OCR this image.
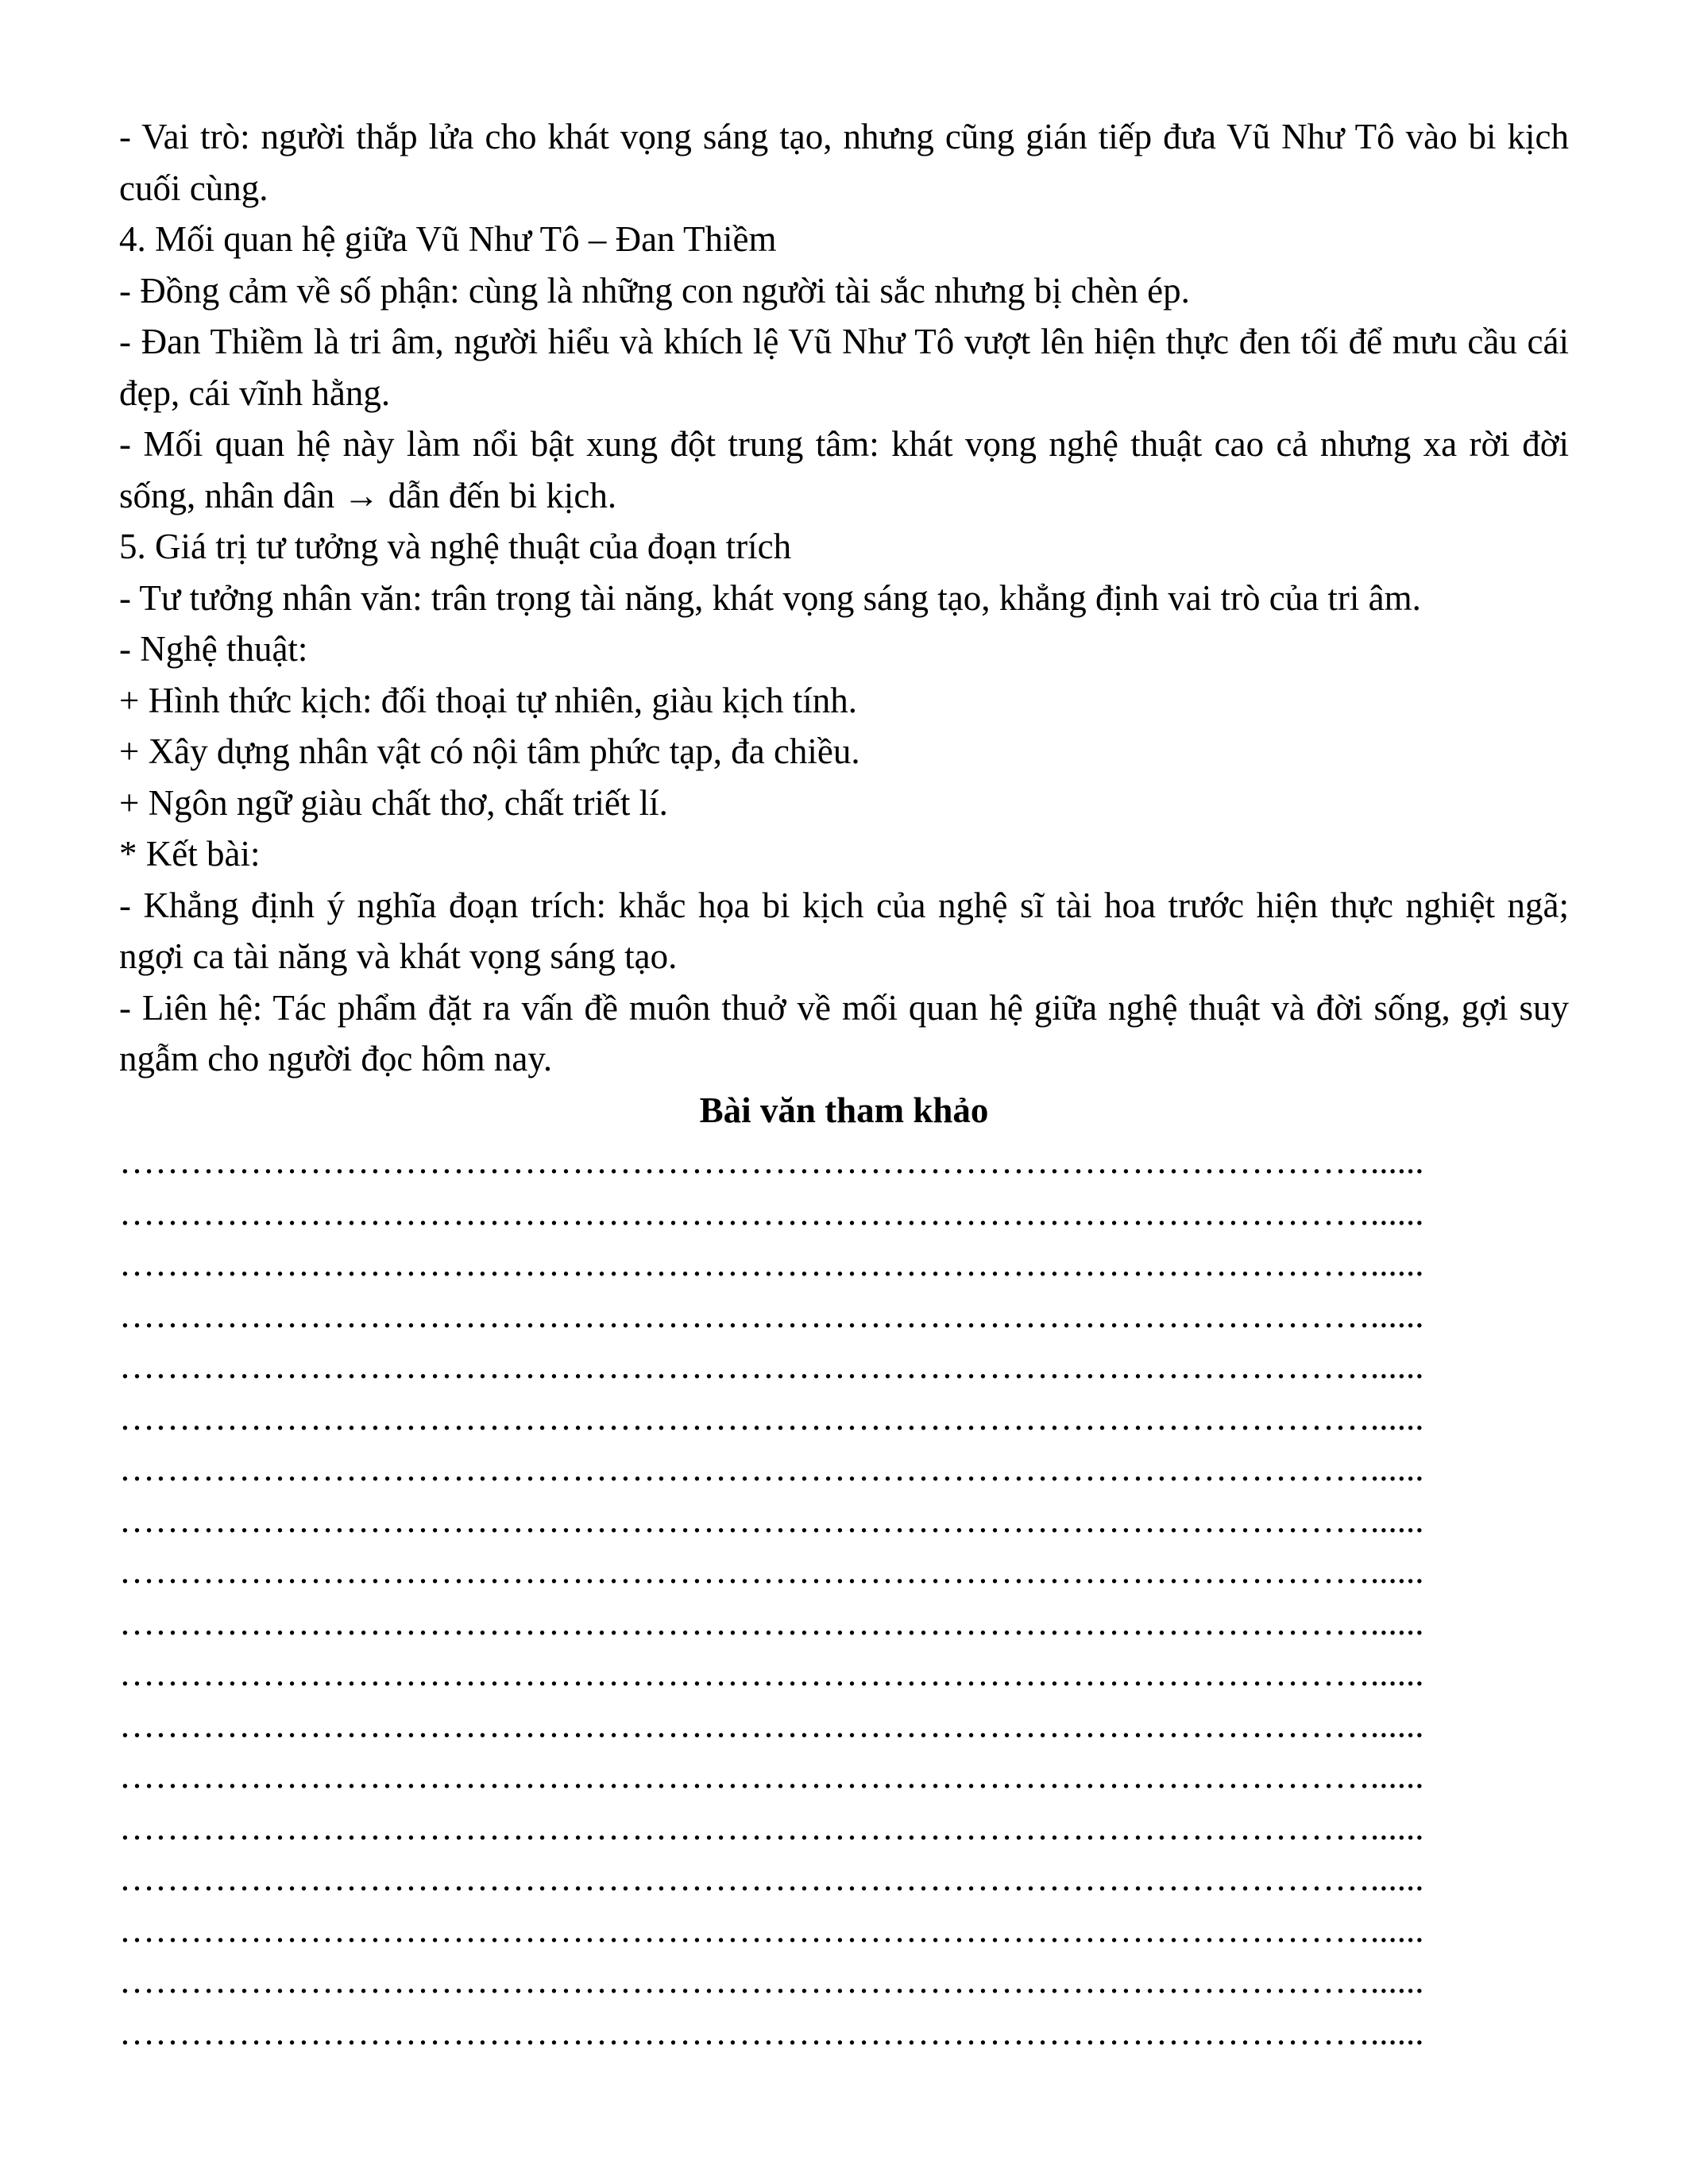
- Vai trò: người thắp lửa cho khát vọng sáng tạo, nhưng cũng gián tiếp đưa Vũ Như Tô vào bi kịch cuối cùng.

4. Mối quan hệ giữa Vũ Như Tô – Đan Thiềm

- Đồng cảm về số phận: cùng là những con người tài sắc nhưng bị chèn ép.

- Đan Thiềm là tri âm, người hiểu và khích lệ Vũ Như Tô vượt lên hiện thực đen tối để mưu cầu cái đẹp, cái vĩnh hằng.

- Mối quan hệ này làm nổi bật xung đột trung tâm: khát vọng nghệ thuật cao cả nhưng xa rời đời sống, nhân dân → dẫn đến bi kịch.

5. Giá trị tư tưởng và nghệ thuật của đoạn trích

- Tư tưởng nhân văn: trân trọng tài năng, khát vọng sáng tạo, khẳng định vai trò của tri âm.

- Nghệ thuật:

+ Hình thức kịch: đối thoại tự nhiên, giàu kịch tính.

+ Xây dựng nhân vật có nội tâm phức tạp, đa chiều.

+ Ngôn ngữ giàu chất thơ, chất triết lí.

* Kết bài:

- Khẳng định ý nghĩa đoạn trích: khắc họa bi kịch của nghệ sĩ tài hoa trước hiện thực nghiệt ngã; ngợi ca tài năng và khát vọng sáng tạo.

- Liên hệ: Tác phẩm đặt ra vấn đề muôn thuở về mối quan hệ giữa nghệ thuật và đời sống, gợi suy ngẫm cho người đọc hôm nay.

Bài văn tham khảo

……………………………………………………………………………………………......

……………………………………………………………………………………………......

……………………………………………………………………………………………......

……………………………………………………………………………………………......

……………………………………………………………………………………………......

……………………………………………………………………………………………......

……………………………………………………………………………………………......

……………………………………………………………………………………………......

……………………………………………………………………………………………......

……………………………………………………………………………………………......

……………………………………………………………………………………………......

……………………………………………………………………………………………......

……………………………………………………………………………………………......

……………………………………………………………………………………………......

……………………………………………………………………………………………......

……………………………………………………………………………………………......

……………………………………………………………………………………………......

……………………………………………………………………………………………......
